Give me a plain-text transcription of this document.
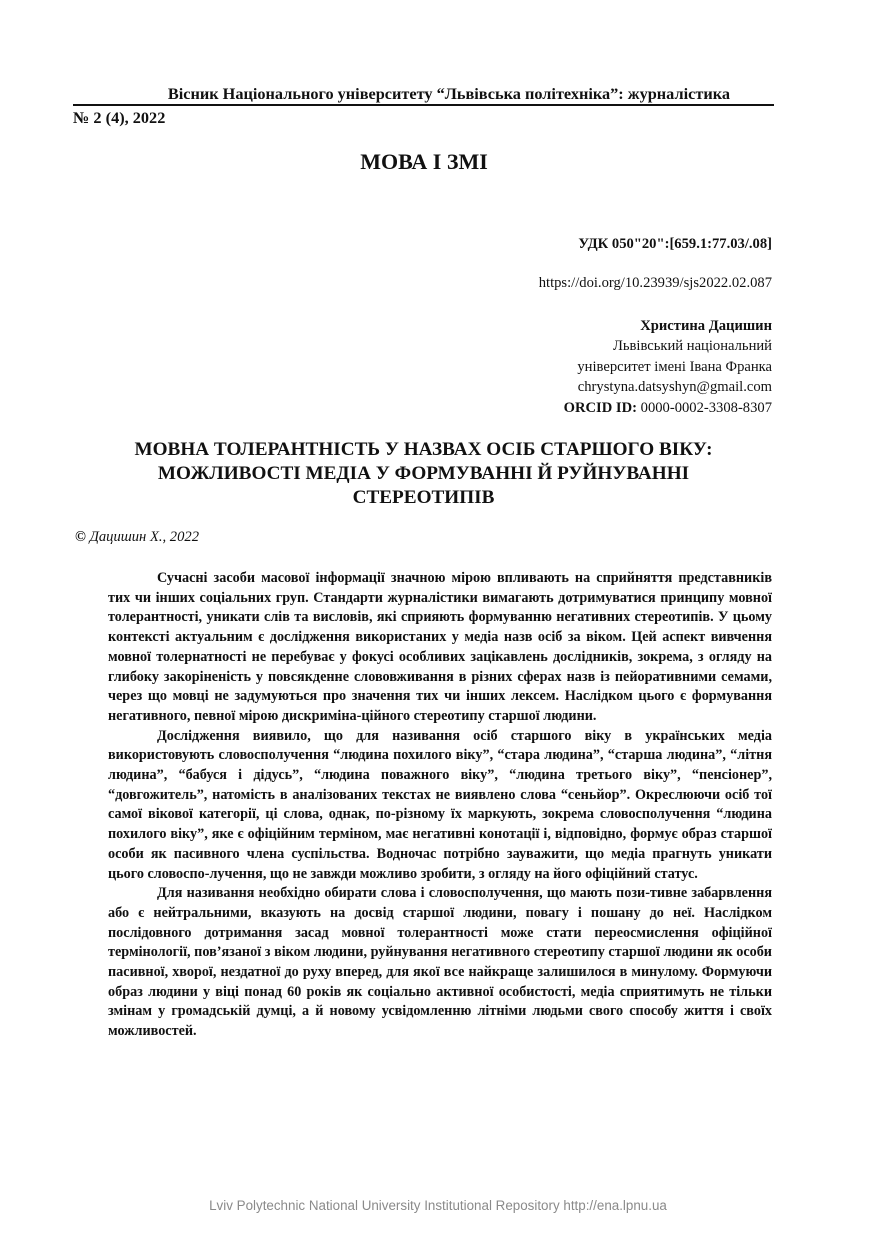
Вісник Національного університету “Львівська політехніка”: журналістика
№ 2 (4), 2022
МОВА І ЗМІ
УДК 050"20":[659.1:77.03/.08]
https://doi.org/10.23939/sjs2022.02.087
Христина Дацишин
Львівський національний
університет імені Івана Франка
chrystyna.datsyshyn@gmail.com
ORCID ID: 0000-0002-3308-8307
МОВНА ТОЛЕРАНТНІСТЬ У НАЗВАХ ОСІБ СТАРШОГО ВІКУ:
МОЖЛИВОСТІ МЕДІА У ФОРМУВАННІ Й РУЙНУВАННІ
СТЕРЕОТИПІВ
© Дацишин Х., 2022

Сучасні засоби масової інформації значною мірою впливають на сприйняття представників тих чи інших соціальних груп. Стандарти журналістики вимагають дотримуватися принципу мовної толерантності, уникати слів та висловів, які сприяють формуванню негативних стереотипів. У цьому контексті актуальним є дослідження використаних у медіа назв осіб за віком. Цей аспект вивчення мовної толернатності не перебуває у фокусі особливих зацікавлень дослідників, зокрема, з огляду на глибоку закоріненість у повсякденне слововживання в різних сферах назв із пейоративними семами, через що мовці не задумуються про значення тих чи інших лексем. Наслідком цього є формування негативного, певної мірою дискриміна-ційного стереотипу старшої людини.

Дослідження виявило, що для називання осіб старшого віку в українських медіа використовують словосполучення “людина похилого віку”, “стара людина”, “старша людина”, “літня людина”, “бабуся і дідусь”, “людина поважного віку”, “людина третього віку”, “пенсіонер”, “довгожитель”, натомість в аналізованих текстах не виявлено слова “сеньйор”. Окреслюючи осіб тої самої вікової категорії, ці слова, однак, по-різному їх маркують, зокрема словосполучення “людина похилого віку”, яке є офіційним терміном, має негативні конотації і, відповідно, формує образ старшої особи як пасивного члена суспільства. Водночас потрібно зауважити, що медіа прагнуть уникати цього словоспо-лучення, що не завжди можливо зробити, з огляду на його офіційний статус.

Для називання необхідно обирати слова і словосполучення, що мають пози-тивне забарвлення або є нейтральними, вказують на досвід старшої людини, повагу і пошану до неї. Наслідком послідовного дотримання засад мовної толерантності може стати переосмислення офіційної термінології, пов’язаної з віком людини, руйнування негативного стереотипу старшої людини як особи пасивної, хворої, нездатної до руху вперед, для якої все найкраще залишилося в минулому. Формуючи образ людини у віці понад 60 років як соціально активної особистості, медіа сприятимуть не тільки змінам у громадській думці, а й новому усвідомленню літніми людьми свого способу життя і своїх можливостей.

Lviv Polytechnic National University Institutional Repository http://ena.lpnu.ua
